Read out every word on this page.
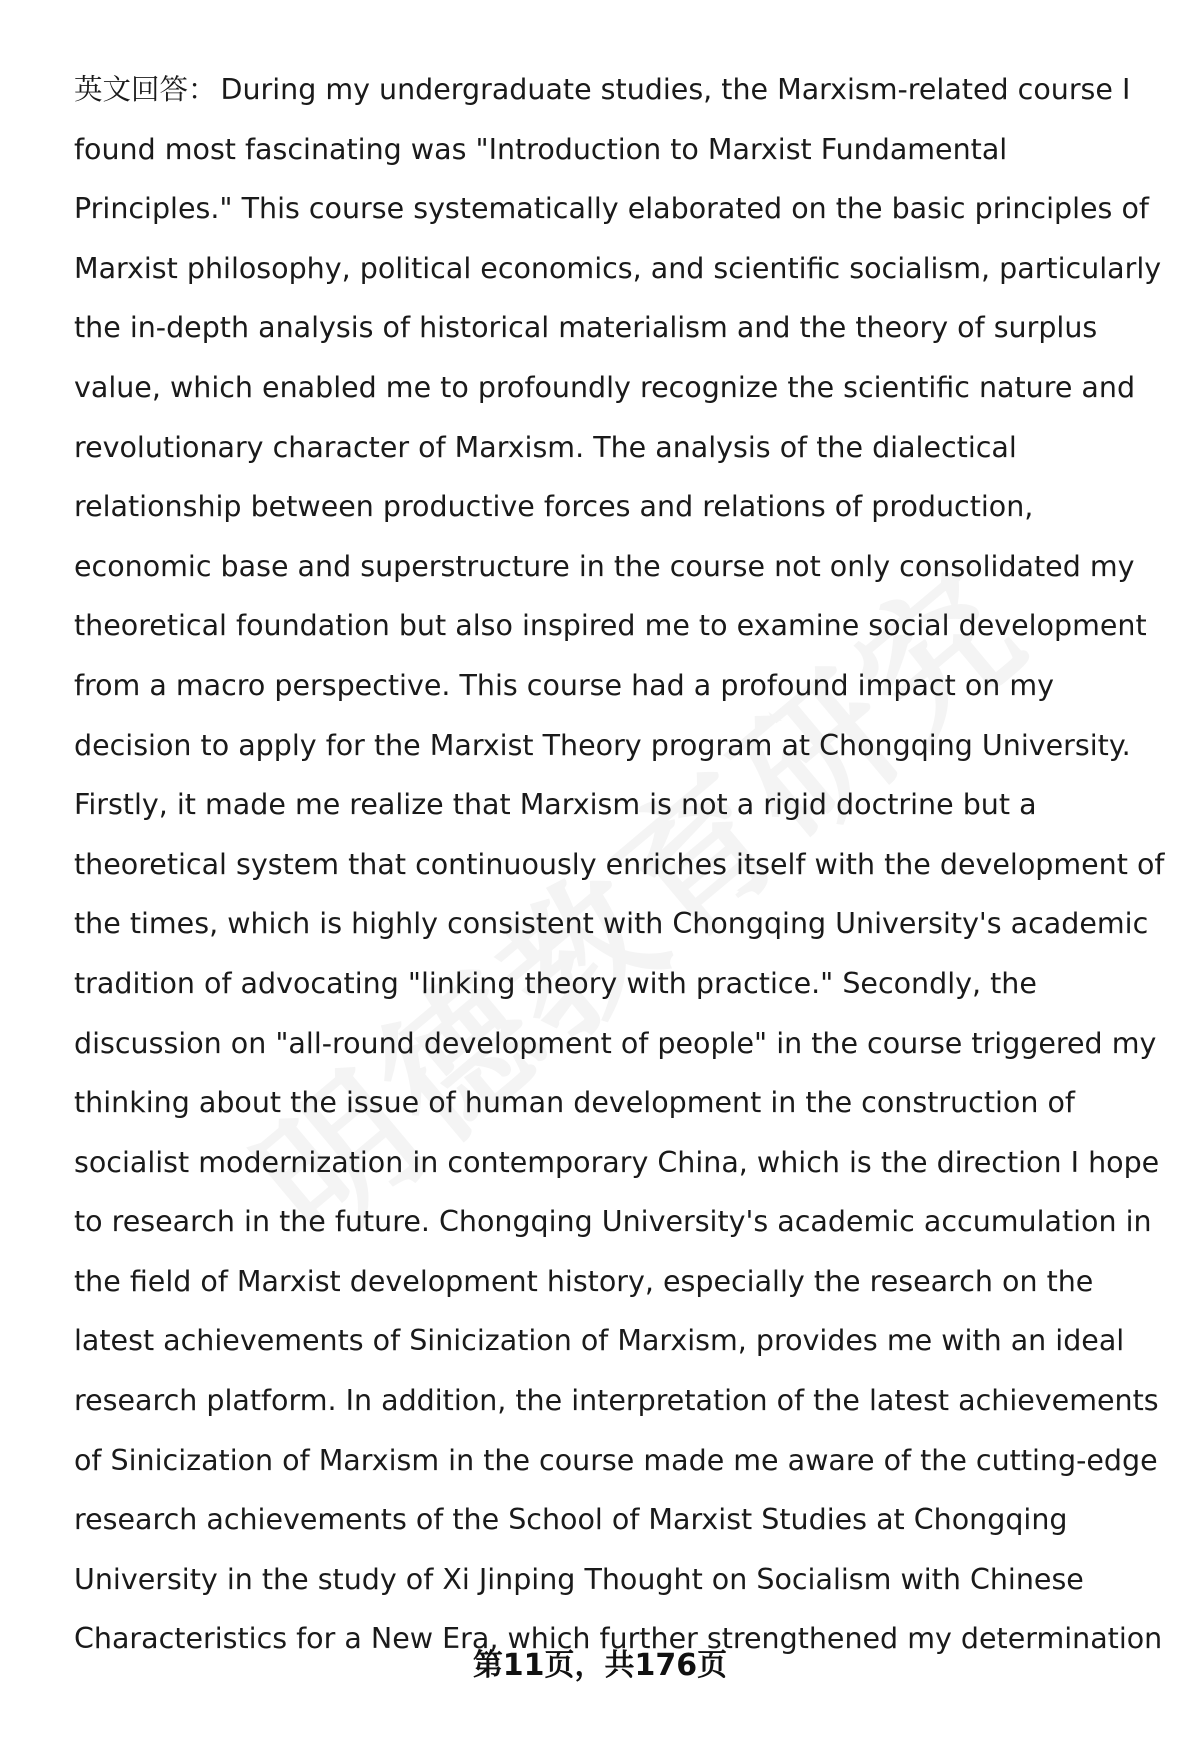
英文回答： During my undergraduate studies, the Marxism-related course I found most fascinating was "Introduction to Marxist Fundamental Principles." This course systematically elaborated on the basic principles of Marxist philosophy, political economics, and scientific socialism, particularly the in-depth analysis of historical materialism and the theory of surplus value, which enabled me to profoundly recognize the scientific nature and revolutionary character of Marxism. The analysis of the dialectical relationship between productive forces and relations of production, economic base and superstructure in the course not only consolidated my theoretical foundation but also inspired me to examine social development from a macro perspective. This course had a profound impact on my decision to apply for the Marxist Theory program at Chongqing University. Firstly, it made me realize that Marxism is not a rigid doctrine but a theoretical system that continuously enriches itself with the development of the times, which is highly consistent with Chongqing University's academic tradition of advocating "linking theory with practice." Secondly, the discussion on "all-round development of people" in the course triggered my thinking about the issue of human development in the construction of socialist modernization in contemporary China, which is the direction I hope to research in the future. Chongqing University's academic accumulation in the field of Marxist development history, especially the research on the latest achievements of Sinicization of Marxism, provides me with an ideal research platform. In addition, the interpretation of the latest achievements of Sinicization of Marxism in the course made me aware of the cutting-edge research achievements of the School of Marxist Studies at Chongqing University in the study of Xi Jinping Thought on Socialism with Chinese Characteristics for a New Era, which further strengthened my determination

第11页，共176页
